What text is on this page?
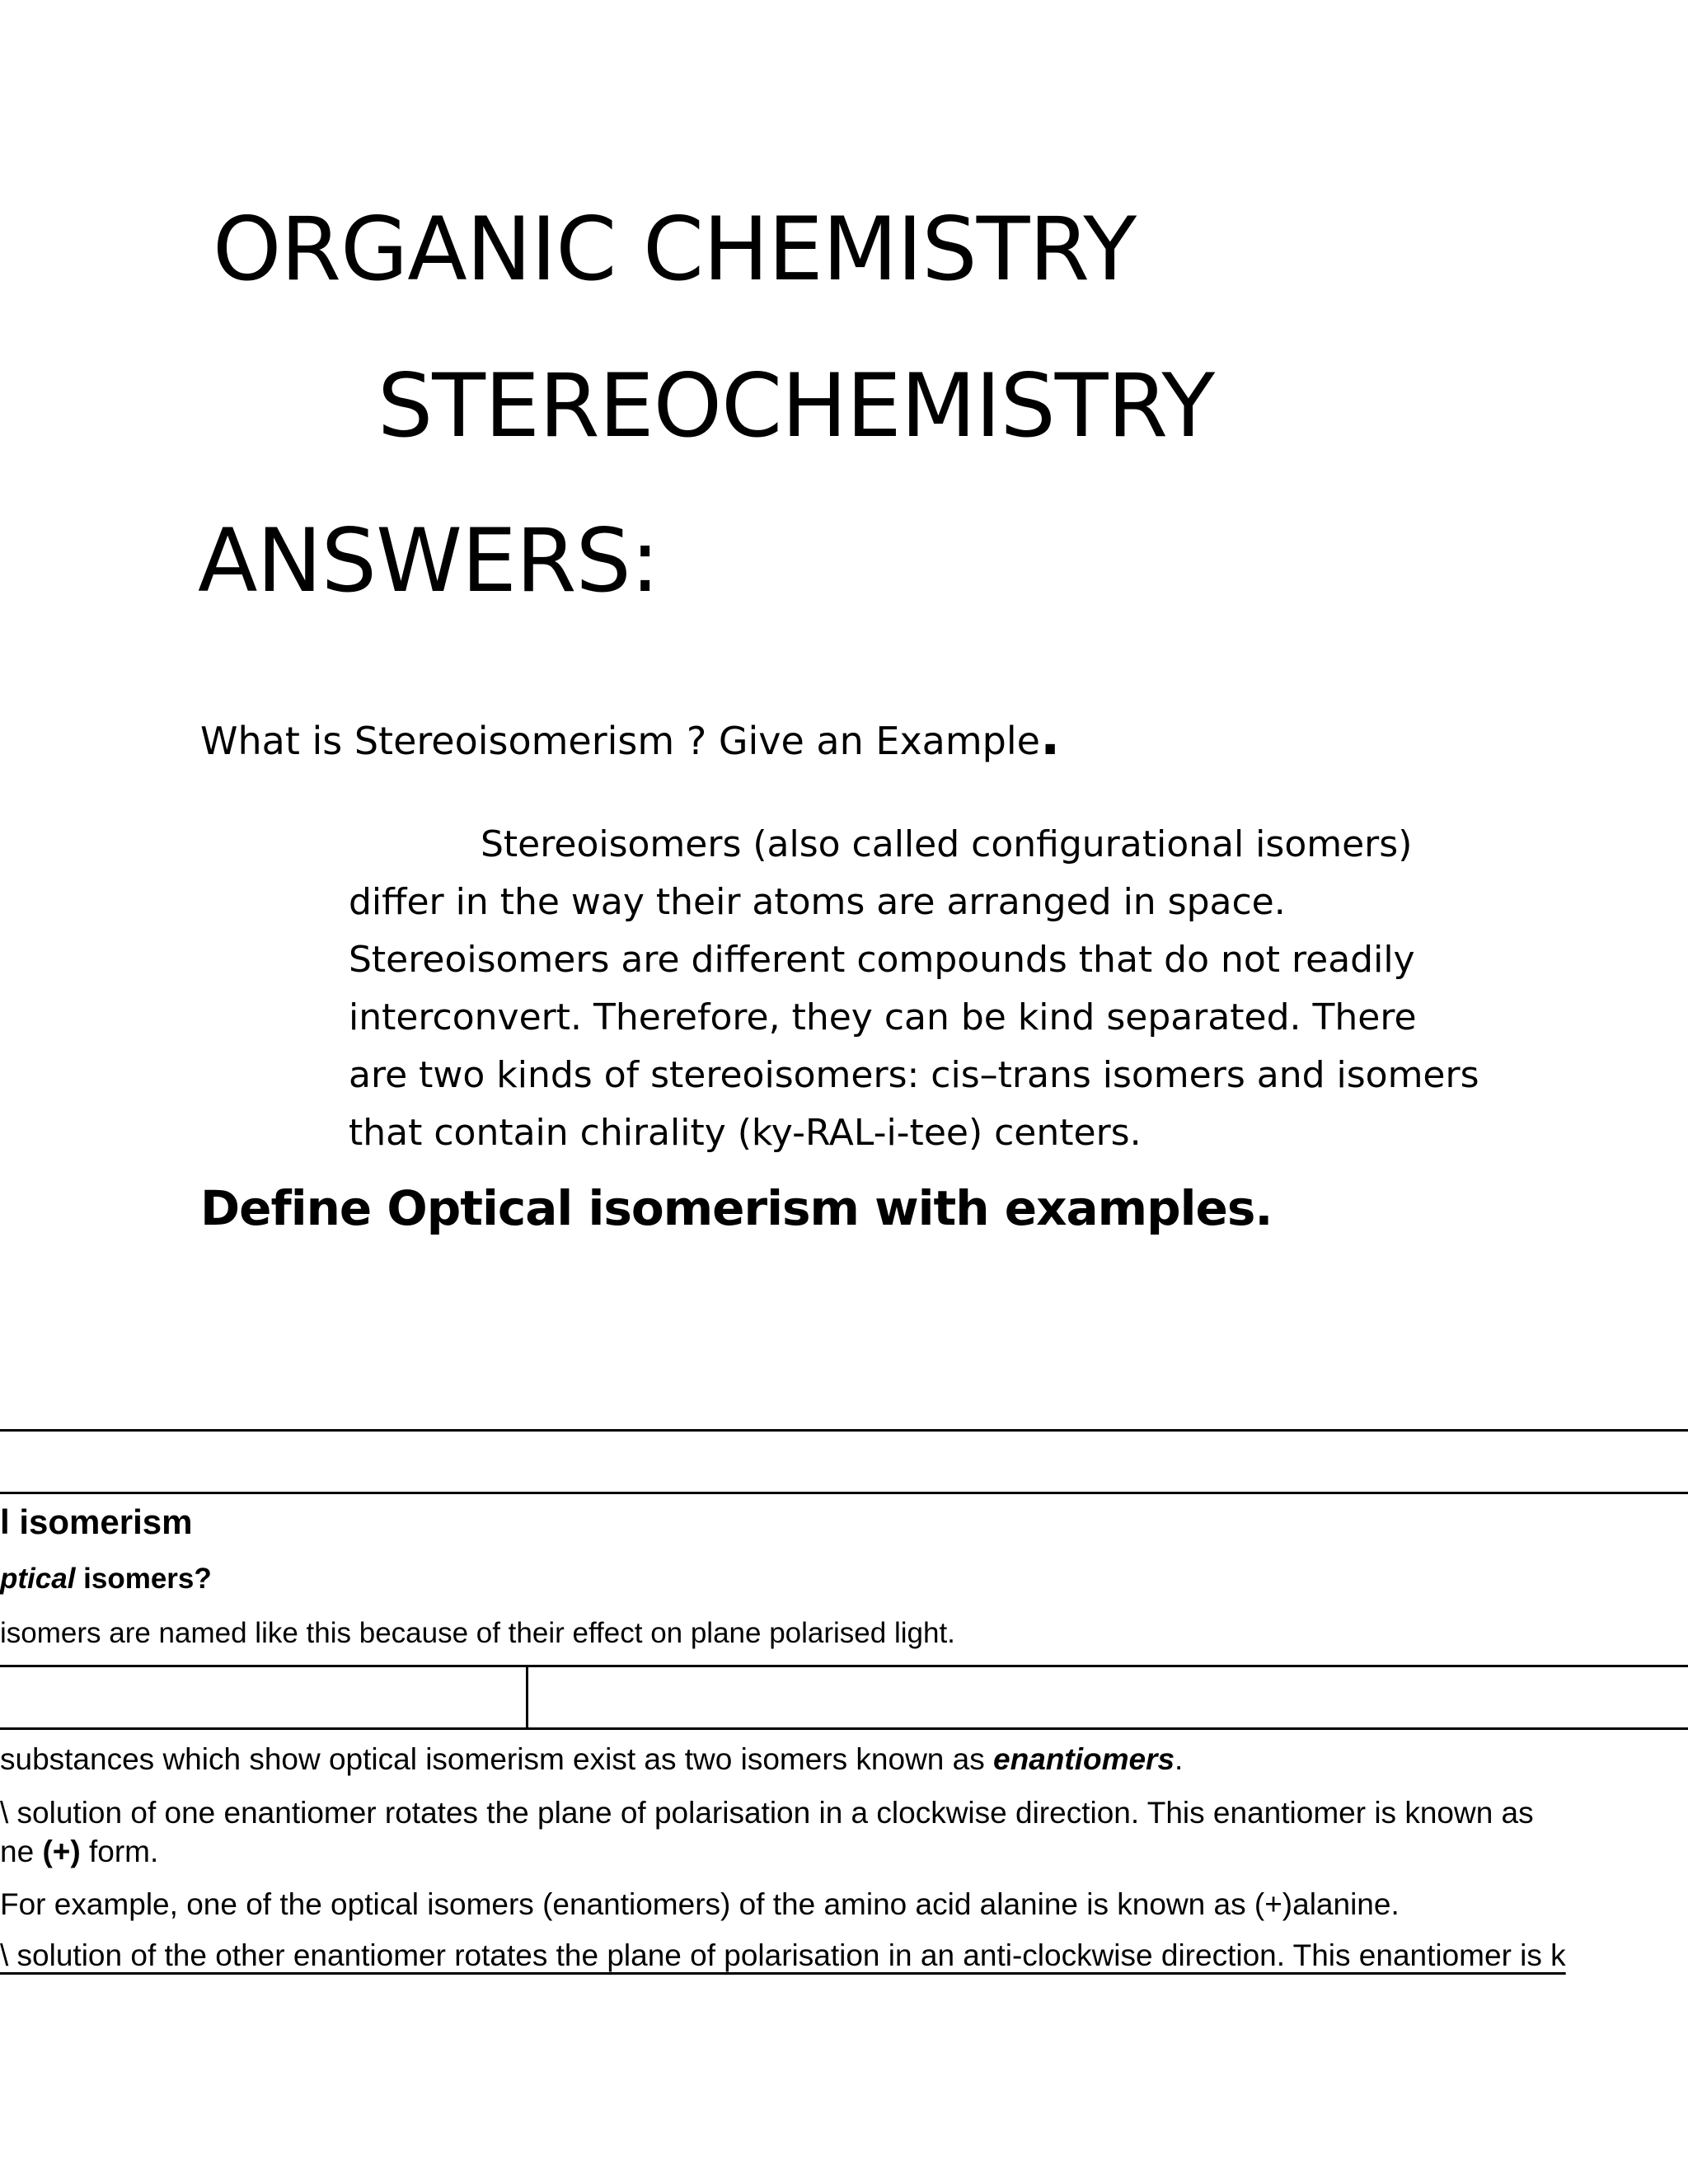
ORGANIC CHEMISTRY
STEREOCHEMISTRY
ANSWERS:
What is Stereoisomerism ? Give an Example.
Stereoisomers (also called configurational isomers)
differ in the way their atoms are arranged in space.
Stereoisomers are different compounds that do not readily
interconvert. Therefore, they can be kind separated. There
are two kinds of stereoisomers: cis–trans isomers and isomers
that contain chirality (ky-RAL-i-tee) centers.
Define Optical isomerism with examples.
l isomerism
ptical isomers?
isomers are named like this because of their effect on plane polarised light.
substances which show optical isomerism exist as two isomers known as enantiomers.
\ solution of one enantiomer rotates the plane of polarisation in a clockwise direction. This enantiomer is known as
ne (+) form.
For example, one of the optical isomers (enantiomers) of the amino acid alanine is known as (+)alanine.
\ solution of the other enantiomer rotates the plane of polarisation in an anti-clockwise direction. This enantiomer is k
